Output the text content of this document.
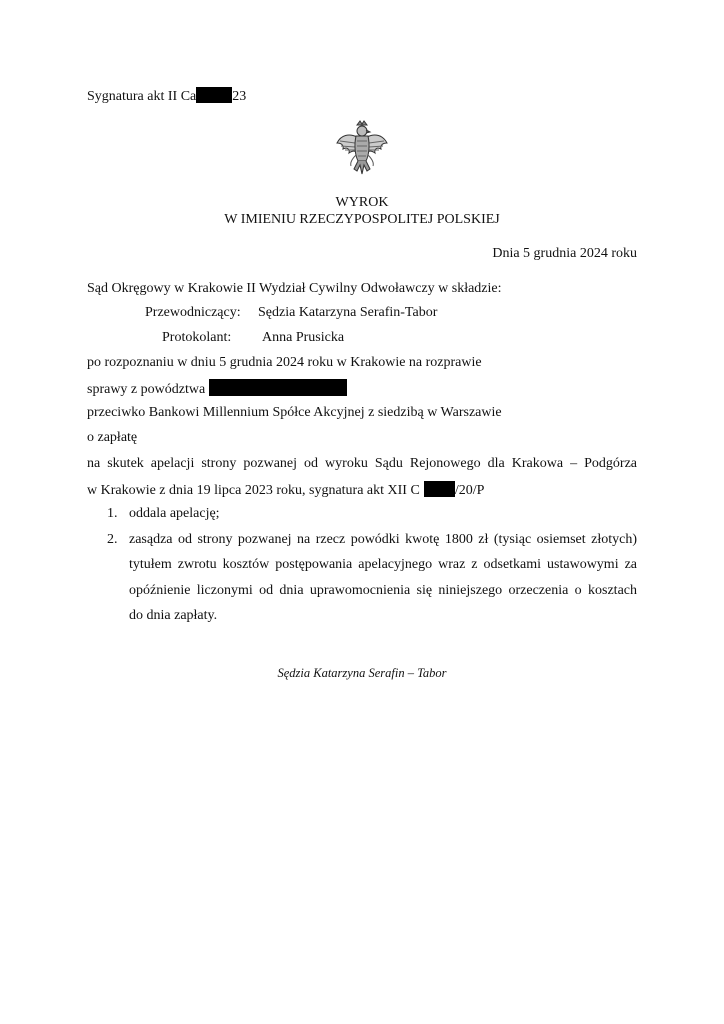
Sygnatura akt II Ca	23
WYROK
W IMIENIU RZECZYPOSPOLITEJ POLSKIEJ
Dnia 5 grudnia 2024 roku
Sąd Okręgowy w Krakowie II Wydział Cywilny Odwoławczy w składzie:
Przewodniczący: Sędzia Katarzyna Serafin-Tabor
Protokolant: Anna Prusicka
po rozpoznaniu w dniu 5 grudnia 2024 roku w Krakowie na rozprawie
sprawy z powództwa
przeciwko Bankowi Millennium Spółce Akcyjnej z siedzibą w Warszawie
o zapłatę
na skutek apelacji strony pozwanej od wyroku Sądu Rejonowego dla Krakowa – Podgórza
w Krakowie z dnia 19 lipca 2023 roku, sygnatura akt XII C	/20/P
1. oddala apelację;
2. zasądza od strony pozwanej na rzecz powódki kwotę 1800 zł (tysiąc osiemset złotych)
tytułem zwrotu kosztów postępowania apelacyjnego wraz z odsetkami ustawowymi za
opóźnienie liczonymi od dnia uprawomocnienia się niniejszego orzeczenia o kosztach
do dnia zapłaty.
Sędzia Katarzyna Serafin – Tabor
